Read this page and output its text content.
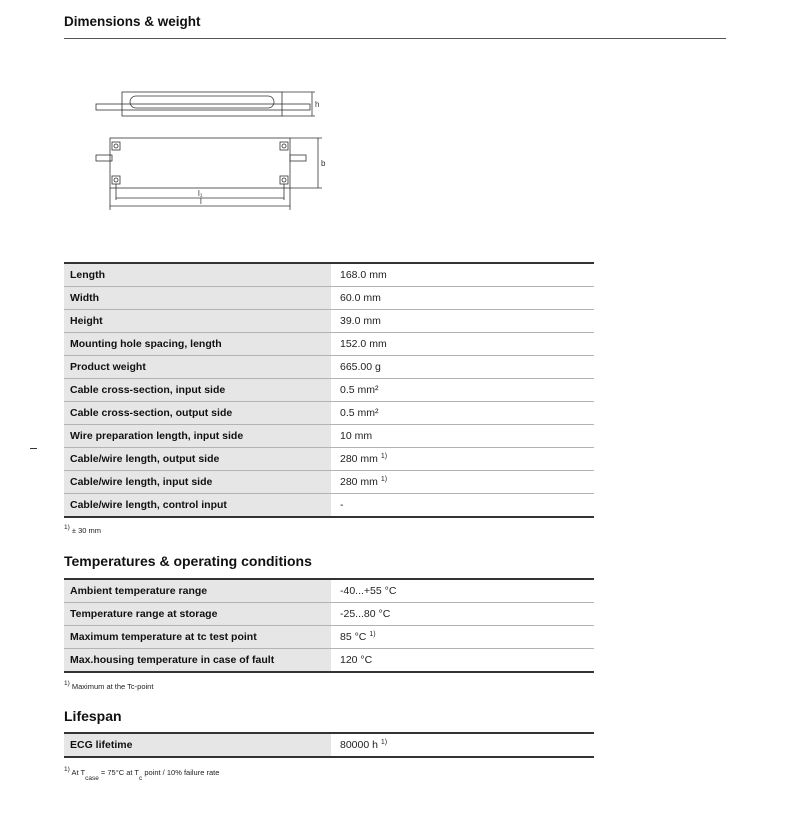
Dimensions & weight
h
b
l₁
l
Length	168.0 mm
Width	60.0 mm
Height	39.0 mm
Mounting hole spacing, length	152.0 mm
Product weight	665.00 g
Cable cross-section, input side	0.5 mm²
Cable cross-section, output side	0.5 mm²
Wire preparation length, input side	10 mm
Cable/wire length, output side	280 mm $^{1)}$
Cable/wire length, input side	280 mm $^{1)}$
Cable/wire length, control input	-
$^{1)}$ ± 30 mm
Temperatures & operating conditions
Ambient temperature range	-40...+55 °C
Temperature range at storage	-25...80 °C
Maximum temperature at tc test point	85 °C $^{1)}$
Max.housing temperature in case of fault	120 °C
$^{1)}$ Maximum at the Tc-point
Lifespan
ECG lifetime	80000 h $^{1)}$
$^{1)}$ At $T_{case} = 75^\circ C$ at $T_c$ point / 10% failure rate
